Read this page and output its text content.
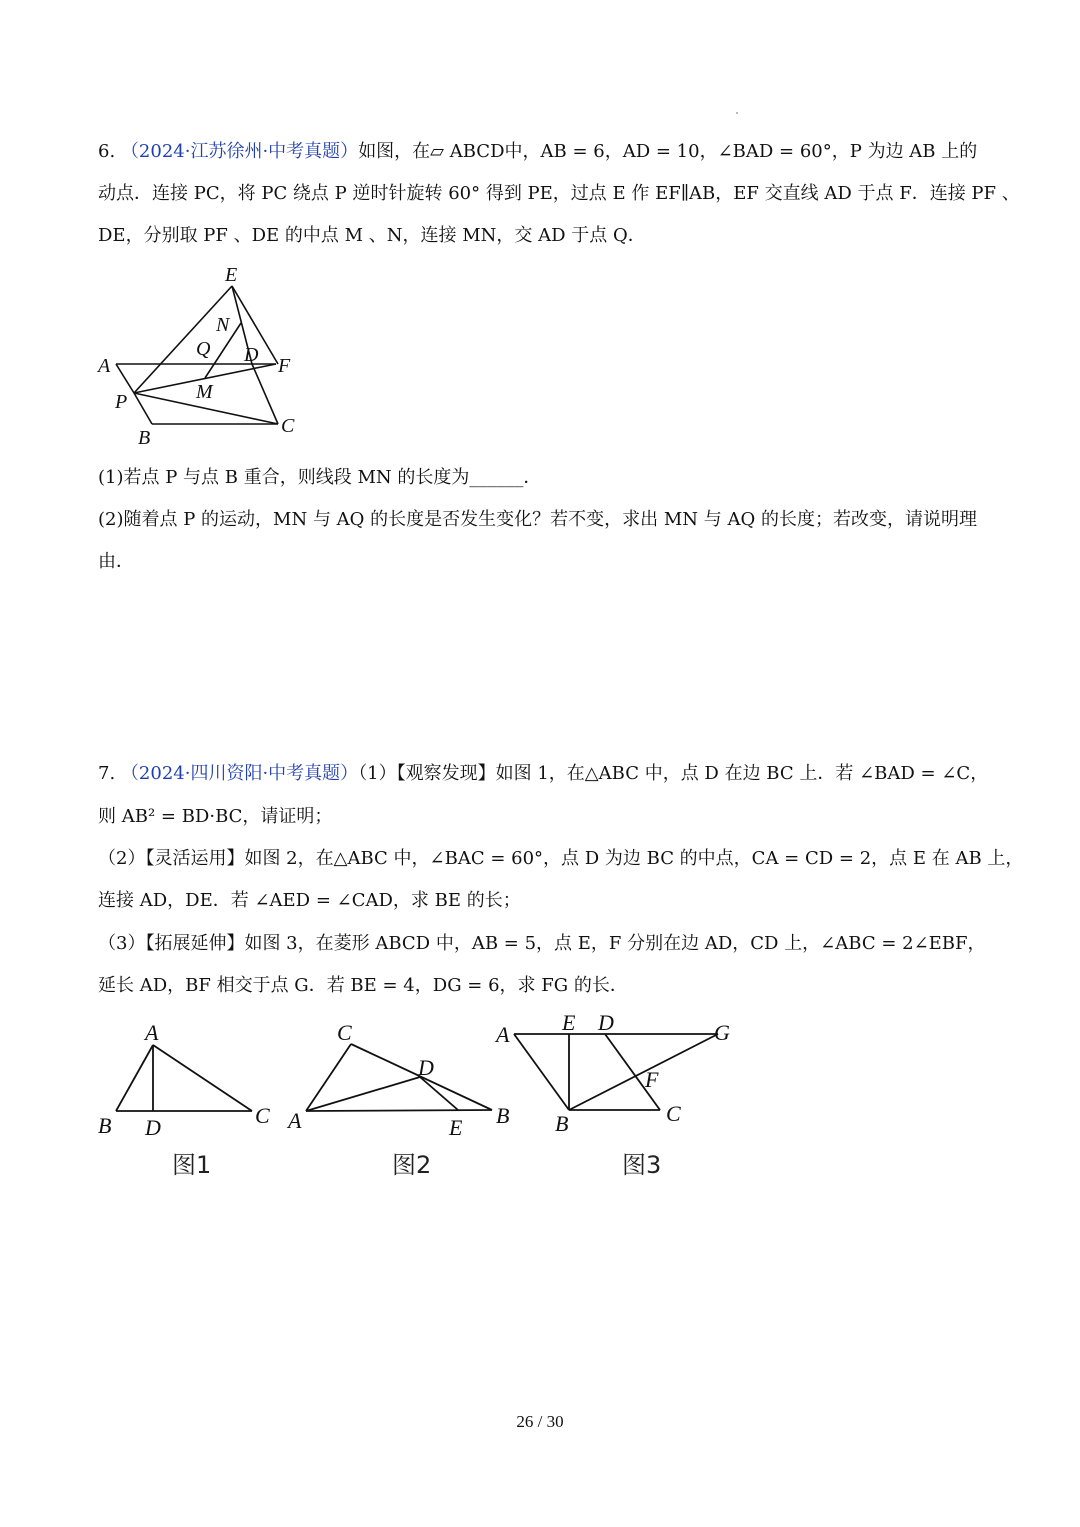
6. （2024·江苏徐州·中考真题）如图，在▱ ABCD中，AB = 6，AD = 10，∠BAD = 60°，P 为边 AB 上的
动点．连接 PC，将 PC 绕点 P 逆时针旋转 60° 得到 PE，过点 E 作 EF∥AB，EF 交直线 AD 于点 F．连接 PF 、
DE，分别取 PF 、DE 的中点 M 、N，连接 MN，交 AD 于点 Q．
E
N
Q D
A	F
M
P
B
C
(1)若点 P 与点 B 重合，则线段 MN 的长度为______．
(2)随着点 P 的运动，MN 与 AQ 的长度是否发生变化？若不变，求出 MN 与 AQ 的长度；若改变，请说明理
由．
7. （2024·四川资阳·中考真题）（1）【观察发现】如图 1，在△ABC 中，点 D 在边 BC 上．若 ∠BAD = ∠C，
则 AB² = BD·BC，请证明；
（2）【灵活运用】如图 2，在△ABC 中，∠BAC = 60°，点 D 为边 BC 的中点，CA = CD = 2，点 E 在 AB 上，
连接 AD，DE．若 ∠AED = ∠CAD，求 BE 的长；
（3）【拓展延伸】如图 3，在菱形 ABCD 中，AB = 5，点 E，F 分别在边 AD，CD 上，∠ABC = 2∠EBF，
延长 AD，BF 相交于点 G．若 BE = 4，DG = 6，求 FG 的长．
A
B D	C
图1
C
D
A	E B
图2
A E D	G
F
B	C
图3
26 / 30
